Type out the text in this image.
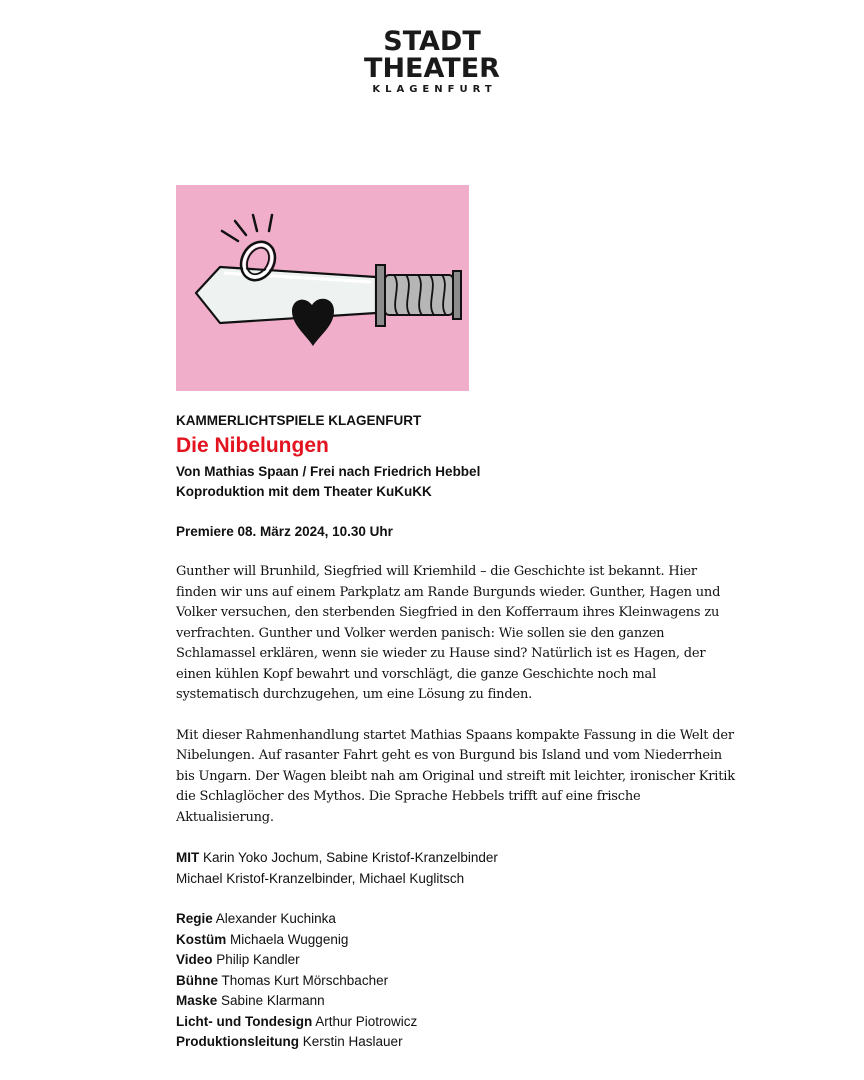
STADT
THEATER
KLAGENFURT

KAMMERLICHTSPIELE KLAGENFURT

Die Nibelungen

Von Mathias Spaan / Frei nach Friedrich Hebbel

Koproduktion mit dem Theater KuKuKK

Premiere 08. März 2024, 10.30 Uhr

Gunther will Brunhild, Siegfried will Kriemhild – die Geschichte ist bekannt. Hier finden wir uns auf einem Parkplatz am Rande Burgunds wieder. Gunther, Hagen und Volker versuchen, den sterbenden Siegfried in den Kofferraum ihres Kleinwagens zu verfrachten. Gunther und Volker werden panisch: Wie sollen sie den ganzen Schlamassel erklären, wenn sie wieder zu Hause sind? Natürlich ist es Hagen, der einen kühlen Kopf bewahrt und vorschlägt, die ganze Geschichte noch mal systematisch durchzugehen, um eine Lösung zu finden.

Mit dieser Rahmenhandlung startet Mathias Spaans kompakte Fassung in die Welt der Nibelungen. Auf rasanter Fahrt geht es von Burgund bis Island und vom Niederrhein bis Ungarn. Der Wagen bleibt nah am Original und streift mit leichter, ironischer Kritik die Schlaglöcher des Mythos. Die Sprache Hebbels trifft auf eine frische Aktualisierung.

MIT Karin Yoko Jochum, Sabine Kristof-Kranzelbinder
Michael Kristof-Kranzelbinder, Michael Kuglitsch
Regie Alexander Kuchinka
Kostüm Michaela Wuggenig
Video Philip Kandler
Bühne Thomas Kurt Mörschbacher
Maske Sabine Klarmann
Licht- und Tondesign Arthur Piotrowicz
Produktionsleitung Kerstin Haslauer
